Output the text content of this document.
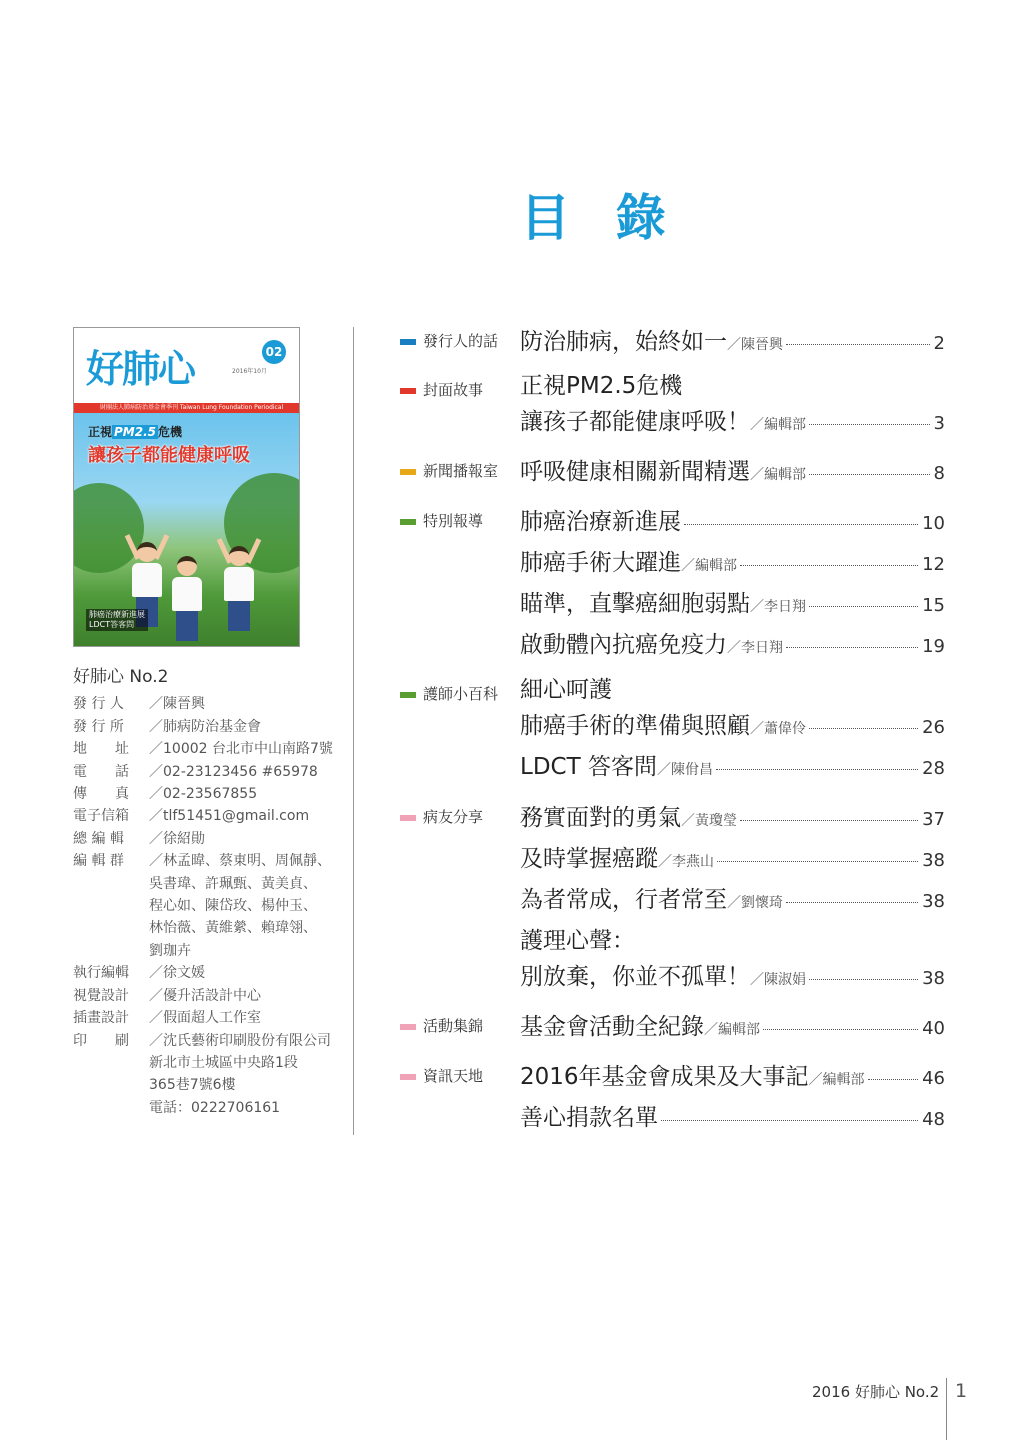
目 錄
好肺心	02
2016年10月
財團法人肺病防治基金會季刊 Taiwan Lung Foundation Periodical
正視 PM2.5 危機
讓孩子都能健康呼吸
肺癌治療新進展
LDCT答客問
好肺心 No.2
發 行 人	／陳晉興
發 行 所	／肺病防治基金會
地　　址	／10002 台北市中山南路7號
電　　話	／02-23123456 #65978
傳　　真	／02-23567855
電子信箱	／tlf51451@gmail.com
總 編 輯	／徐紹勛
編 輯 群	／林孟暐、蔡東明、周佩靜、
吳書瑋、許珮甄、黃美貞、
程心如、陳岱玫、楊仲玉、
林怡薇、黃維縈、賴瑋翎、
劉珈卉
執行編輯	／徐文媛
視覺設計	／優升活設計中心
插畫設計	／假面超人工作室
印　　刷	／沈氏藝術印刷股份有限公司
新北市土城區中央路1段
365巷7號6樓
電話：0222706161
發行人的話 防治肺病，始終如一 ／陳晉興	2
封面故事 正視PM2.5危機
讓孩子都能健康呼吸！ ／編輯部	3
新聞播報室 呼吸健康相關新聞精選 ／編輯部	8
特別報導 肺癌治療新進展	10
肺癌手術大躍進 ／編輯部	12
瞄準，直擊癌細胞弱點 ／李日翔	15
啟動體內抗癌免疫力 ／李日翔	19
護師小百科 細心呵護
肺癌手術的準備與照顧 ／蕭偉伶	26
LDCT 答客問 ／陳佾昌	28
病友分享 務實面對的勇氣 ／黃瓊瑩	37
及時掌握癌蹤 ／李燕山	38
為者常成，行者常至 ／劉懷琦	38
護理心聲：
別放棄，你並不孤單！ ／陳淑娟	38
活動集錦 基金會活動全紀錄 ／編輯部	40
資訊天地 2016年基金會成果及大事記 ／編輯部	46
善心捐款名單	48
2016 好肺心 No.2 1
